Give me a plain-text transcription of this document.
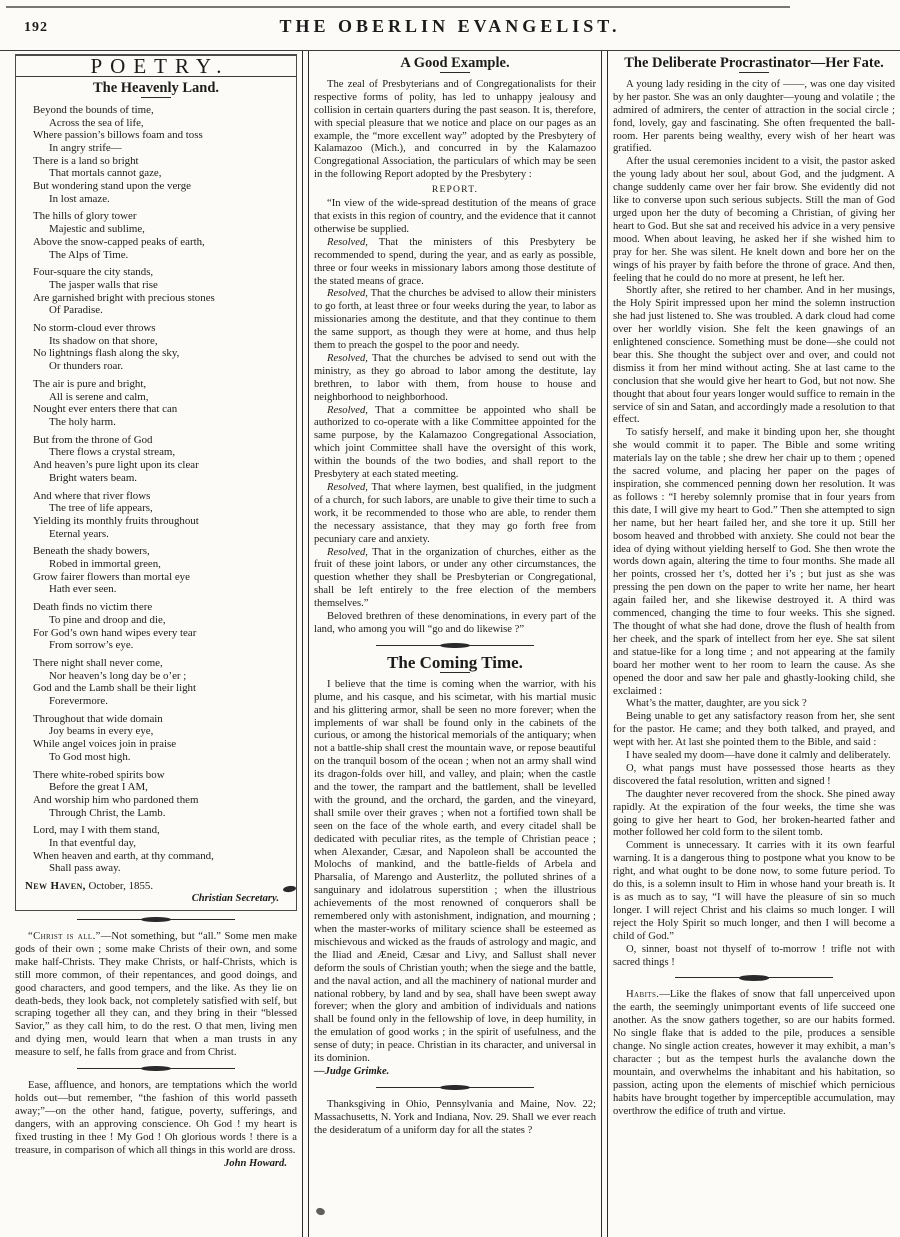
192	THE OBERLIN EVANGELIST.
POETRY.
The Heavenly Land.
Beyond the bounds of time,
Across the sea of life,
Where passion’s billows foam and toss
In angry strife—
There is a land so bright
That mortals cannot gaze,
But wondering stand upon the verge
In lost amaze.
The hills of glory tower
Majestic and sublime,
Above the snow-capped peaks of earth,
The Alps of Time.
Four-square the city stands,
The jasper walls that rise
Are garnished bright with precious stones
Of Paradise.
No storm-cloud ever throws
Its shadow on that shore,
No lightnings flash along the sky,
Or thunders roar.
The air is pure and bright,
All is serene and calm,
Nought ever enters there that can
The holy harm.
But from the throne of God
There flows a crystal stream,
And heaven’s pure light upon its clear
Bright waters beam.
And where that river flows
The tree of life appears,
Yielding its monthly fruits throughout
Eternal years.
Beneath the shady bowers,
Robed in immortal green,
Grow fairer flowers than mortal eye
Hath ever seen.
Death finds no victim there
To pine and droop and die,
For God’s own hand wipes every tear
From sorrow’s eye.
There night shall never come,
Nor heaven’s long day be o’er ;
God and the Lamb shall be their light
Forevermore.
Throughout that wide domain
Joy beams in every eye,
While angel voices join in praise
To God most high.
There white-robed spirits bow
Before the great I AM,
And worship him who pardoned them
Through Christ, the Lamb.
Lord, may I with them stand,
In that eventful day,
When heaven and earth, at thy command,
Shall pass away.
New Haven, October, 1855.

Christian Secretary.

“Christ is all.”—Not something, but “all.” Some men make gods of their own ; some make Christs of their own, and some make half-Christs. They make Christs, or half-Christs, which is still more common, of their repentances, and good doings, and good characters, and good tempers, and the like. As they lie on death-beds, they look back, not completely satisfied with self, but scraping together all they can, and they bring in their “blessed Savior,” as they call him, to do the rest. O that men, living men and dying men, would learn that when a man trusts in any measure to self, he falls from grace and from Christ.

Ease, affluence, and honors, are temptations which the world holds out—but remember, “the fashion of this world passeth away;”—on the other hand, fatigue, poverty, sufferings, and dangers, with an approving conscience. Oh God ! my heart is fixed trusting in thee ! My God ! Oh glorious words ! there is a treasure, in comparison of which all things in this world are dross.

John Howard.

A Good Example.

The zeal of Presbyterians and of Congregationalists for their respective forms of polity, has led to unhappy jealousy and collision in certain quarters during the past season. It is, therefore, with special pleasure that we notice and place on our pages as an example, the “more excellent way” adopted by the Presbytery of Kalamazoo (Mich.), and concurred in by the Kalamazoo Congregational Association, the particulars of which may be seen in the following Report adopted by the Presbytery :

REPORT.

“In view of the wide-spread destitution of the means of grace that exists in this region of country, and the evidence that it cannot otherwise be supplied.

Resolved, That the ministers of this Presbytery be recommended to spend, during the year, and as early as possible, three or four weeks in missionary labors among those destitute of the stated means of grace.

Resolved, That the churches be advised to allow their ministers to go forth, at least three or four weeks during the year, to labor as missionaries among the destitute, and that they continue to them the same support, as though they were at home, and thus help them to preach the gospel to the poor and needy.

Resolved, That the churches be advised to send out with the ministry, as they go abroad to labor among the destitute, lay brethren, to labor with them, from house to house and neighborhood to neighborhood.

Resolved, That a committee be appointed who shall be authorized to co-operate with a like Committee appointed for the same purpose, by the Kalamazoo Congregational Association, which joint Committee shall have the oversight of this work, within the bounds of the two bodies, and shall report to the Presbytery at each stated meeting.

Resolved, That where laymen, best qualified, in the judgment of a church, for such labors, are unable to give their time to such a work, it be recommended to those who are able, to render them the necessary assistance, that they may go forth free from pecuniary care and anxiety.

Resolved, That in the organization of churches, either as the fruit of these joint labors, or under any other circumstances, the question whether they shall be Presbyterian or Congregational, shall be left entirely to the free election of the members themselves.”

Beloved brethren of these denominations, in every part of the land, who among you will “go and do likewise ?”

The Coming Time.

I believe that the time is coming when the warrior, with his plume, and his casque, and his scimetar, with his martial music and his glittering armor, shall be seen no more forever; when the implements of war shall be found only in the cabinets of the curious, or among the historical memorials of the antiquary; when not a battle-ship shall crest the mountain wave, or repose beautiful on the tranquil bosom of the ocean ; when not an army shall wind its dragon-folds over hill, and valley, and plain; when the castle and the tower, the rampart and the battlement, shall be levelled with the ground, and the orchard, the garden, and the vineyard, shall smile over their graves ; when not a fortified town shall be seen on the face of the whole earth, and every citadel shall be dedicated with peculiar rites, as the temple of Christian peace ; when Alexander, Cæsar, and Napoleon shall be accounted the Molochs of mankind, and the battle-fields of Arbela and Pharsalia, of Marengo and Austerlitz, the polluted shrines of a sanguinary and idolatrous superstition ; when the illustrious achievements of the most renowned of conquerors shall be remembered only with astonishment, indignation, and mourning ; when the master-works of military science shall be esteemed as mischievous and wicked as the frauds of astrology and magic, and the Iliad and Æneid, Cæsar and Livy, and Sallust shall never deform the souls of Christian youth; when the siege and the battle, and the naval action, and all the machinery of national murder and national robbery, by land and by sea, shall have been swept away forever; when the glory and ambition of individuals and nations shall be found only in the fellowship of love, in deep humility, in the emulation of good works ; in the spirit of usefulness, and the sense of duty; in peace. Christian in its character, and universal in its dominion.

—Judge Grimke.

Thanksgiving in Ohio, Pennsylvania and Maine, Nov. 22; Massachusetts, N. York and Indiana, Nov. 29. Shall we ever reach the desideratum of a uniform day for all the states ?

The Deliberate Procrastinator—Her Fate.

A young lady residing in the city of ——, was one day visited by her pastor. She was an only daughter—young and volatile ; the admired of admirers, the center of attraction in the social circle ; fond, lovely, gay and fascinating. She often frequented the ball-room. Her parents being wealthy, every wish of her heart was gratified.

After the usual ceremonies incident to a visit, the pastor asked the young lady about her soul, about God, and the judgment. A change suddenly came over her fair brow. She evidently did not like to converse upon such serious subjects. Still the man of God urged upon her the duty of becoming a Christian, of giving her heart to God. But she sat and received his advice in a very pensive mood. When about leaving, he asked her if she wished him to pray for her. She was silent. He knelt down and bore her on the wings of his prayer by faith before the throne of grace. And then, feeling that he could do no more at present, he left her.

Shortly after, she retired to her chamber. And in her musings, the Holy Spirit impressed upon her mind the solemn instruction she had just listened to. She was troubled. A dark cloud had come over her worldly vision. She felt the keen gnawings of an enlightened conscience. Something must be done—she could not bear this. She thought the subject over and over, and could not dismiss it from her mind without acting. She at last came to the conclusion that she would give her heart to God, but not now. She thought that about four years longer would suffice to remain in the service of sin and Satan, and accordingly made a resolution to that effect.

To satisfy herself, and make it binding upon her, she thought she would commit it to paper. The Bible and some writing materials lay on the table ; she drew her chair up to them ; opened the sacred volume, and placing her paper on the pages of inspiration, she commenced penning down her resolution. It was as follows : “I hereby solemnly promise that in four years from this date, I will give my heart to God.” Then she attempted to sign her name, but her heart failed her, and she tore it up. Still her bosom heaved and throbbed with anxiety. She could not bear the idea of dying without yielding herself to God. She then wrote the words down again, altering the time to four months. She made all her points, crossed her t’s, dotted her i’s ; but just as she was pressing the pen down on the paper to write her name, her heart again failed her, and she likewise destroyed it. A third was commenced, changing the time to four weeks. This she signed. The thought of what she had done, drove the flush of health from her cheek, and the spark of intellect from her eye. She sat silent and statue-like for a long time ; and not appearing at the family board her mother went to her room to learn the cause. As she opened the door and saw her pale and ghastly-looking child, she exclaimed :

What’s the matter, daughter, are you sick ?

Being unable to get any satisfactory reason from her, she sent for the pastor. He came; and they both talked, and prayed, and wept with her. At last she pointed them to the Bible, and said :

I have sealed my doom—have done it calmly and deliberately.

O, what pangs must have possessed those hearts as they discovered the fatal resolution, written and signed !

The daughter never recovered from the shock. She pined away rapidly. At the expiration of the four weeks, the time she was going to give her heart to God, her broken-hearted father and mother followed her cold form to the silent tomb.

Comment is unnecessary. It carries with it its own fearful warning. It is a dangerous thing to postpone what you know to be right, and what ought to be done now, to some future period. To do this, is a solemn insult to Him in whose hand your breath is. It is as much as to say, “I will have the pleasure of sin so much longer. I will reject Christ and his claims so much longer. I will reject the Holy Spirit so much longer, and then I will become a child of God.”

O, sinner, boast not thyself of to-morrow ! trifle not with sacred things !

Habits.—Like the flakes of snow that fall unperceived upon the earth, the seemingly unimportant events of life succeed one another. As the snow gathers together, so are our habits formed. No single flake that is added to the pile, produces a sensible change. No single action creates, however it may exhibit, a man’s character ; but as the tempest hurls the avalanche down the mountain, and overwhelms the inhabitant and his habitation, so passion, acting upon the elements of mischief which pernicious habits have brought together by imperceptible accumulation, may overthrow the edifice of truth and virtue.
